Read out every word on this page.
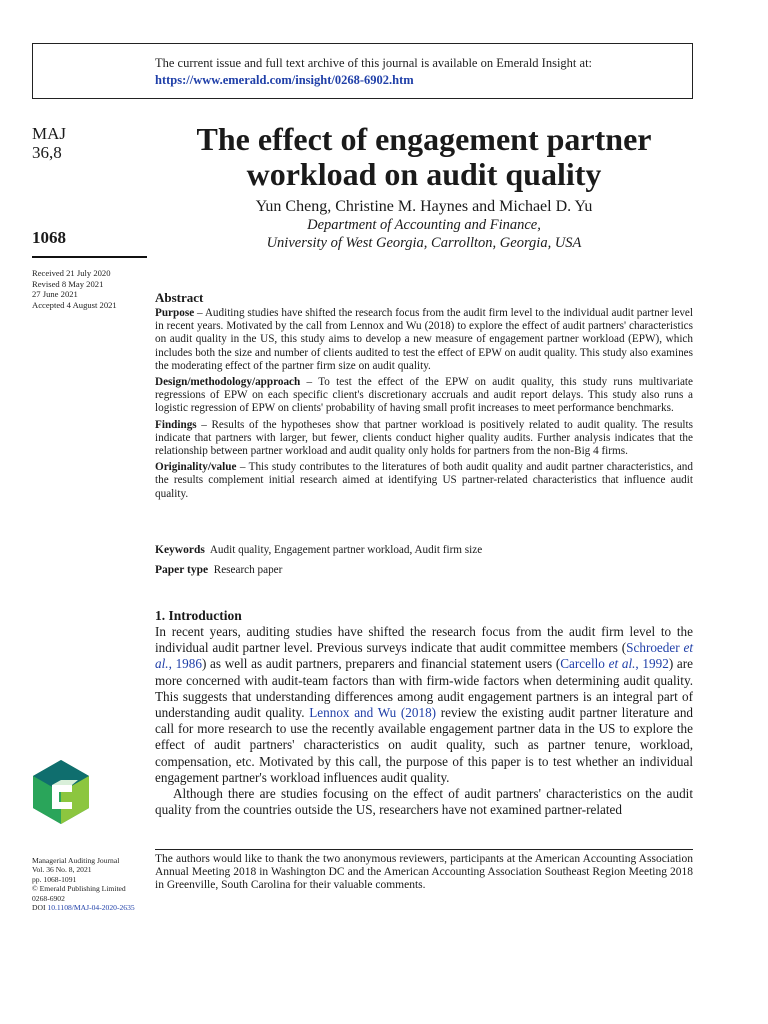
The current issue and full text archive of this journal is available on Emerald Insight at:
https://www.emerald.com/insight/0268-6902.htm
MAJ
36,8
1068
Received 21 July 2020
Revised 8 May 2021
27 June 2021
Accepted 4 August 2021
The effect of engagement partner
workload on audit quality
Yun Cheng, Christine M. Haynes and Michael D. Yu
Department of Accounting and Finance,
University of West Georgia, Carrollton, Georgia, USA
Abstract

Purpose – Auditing studies have shifted the research focus from the audit firm level to the individual audit partner level in recent years. Motivated by the call from Lennox and Wu (2018) to explore the effect of audit partners' characteristics on audit quality in the US, this study aims to develop a new measure of engagement partner workload (EPW), which includes both the size and number of clients audited to test the effect of EPW on audit quality. This study also examines the moderating effect of the partner firm size on audit quality.

Design/methodology/approach – To test the effect of the EPW on audit quality, this study runs multivariate regressions of EPW on each specific client's discretionary accruals and audit report delays. This study also runs a logistic regression of EPW on clients' probability of having small profit increases to meet performance benchmarks.

Findings – Results of the hypotheses show that partner workload is positively related to audit quality. The results indicate that partners with larger, but fewer, clients conduct higher quality audits. Further analysis indicates that the relationship between partner workload and audit quality only holds for partners from the non-Big 4 firms.

Originality/value – This study contributes to the literatures of both audit quality and audit partner characteristics, and the results complement initial research aimed at identifying US partner-related characteristics that influence audit quality.

Keywords Audit quality, Engagement partner workload, Audit firm size
Paper type Research paper
1. Introduction

In recent years, auditing studies have shifted the research focus from the audit firm level to the individual audit partner level. Previous surveys indicate that audit committee members (Schroeder et al., 1986) as well as audit partners, preparers and financial statement users (Carcello et al., 1992) are more concerned with audit-team factors than with firm-wide factors when determining audit quality. This suggests that understanding differences among audit engagement partners is an integral part of understanding audit quality. Lennox and Wu (2018) review the existing audit partner literature and call for more research to use the recently available engagement partner data in the US to explore the effect of audit partners' characteristics on audit quality, such as partner tenure, workload, compensation, etc. Motivated by this call, the purpose of this paper is to test whether an individual engagement partner's workload influences audit quality.

Although there are studies focusing on the effect of audit partners' characteristics on the audit quality from the countries outside the US, researchers have not examined partner-related

The authors would like to thank the two anonymous reviewers, participants at the American Accounting Association Annual Meeting 2018 in Washington DC and the American Accounting Association Southeast Region Meeting 2018 in Greenville, South Carolina for their valuable comments.
Managerial Auditing Journal
Vol. 36 No. 8, 2021
pp. 1068-1091
© Emerald Publishing Limited
0268-6902
DOI 10.1108/MAJ-04-2020-2635
